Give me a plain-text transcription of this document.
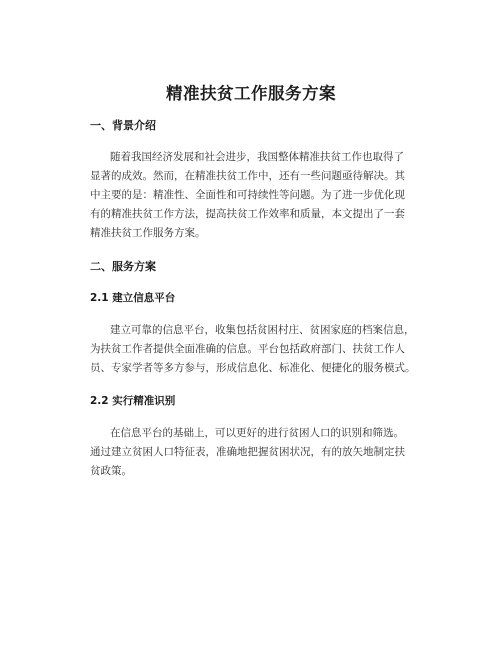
精准扶贫工作服务方案
一、背景介绍
随着我国经济发展和社会进步，我国整体精准扶贫工作也取得了
显著的成效。然而，在精准扶贫工作中，还有一些问题亟待解决。其
中主要的是：精准性、全面性和可持续性等问题。为了进一步优化现
有的精准扶贫工作方法，提高扶贫工作效率和质量，本文提出了一套
精准扶贫工作服务方案。
二、服务方案
2.1 建立信息平台
建立可靠的信息平台，收集包括贫困村庄、贫困家庭的档案信息，
为扶贫工作者提供全面准确的信息。平台包括政府部门、扶贫工作人
员、专家学者等多方参与，形成信息化、标准化、便捷化的服务模式。
2.2 实行精准识别
在信息平台的基础上，可以更好的进行贫困人口的识别和筛选。
通过建立贫困人口特征表，准确地把握贫困状况，有的放矢地制定扶
贫政策。
